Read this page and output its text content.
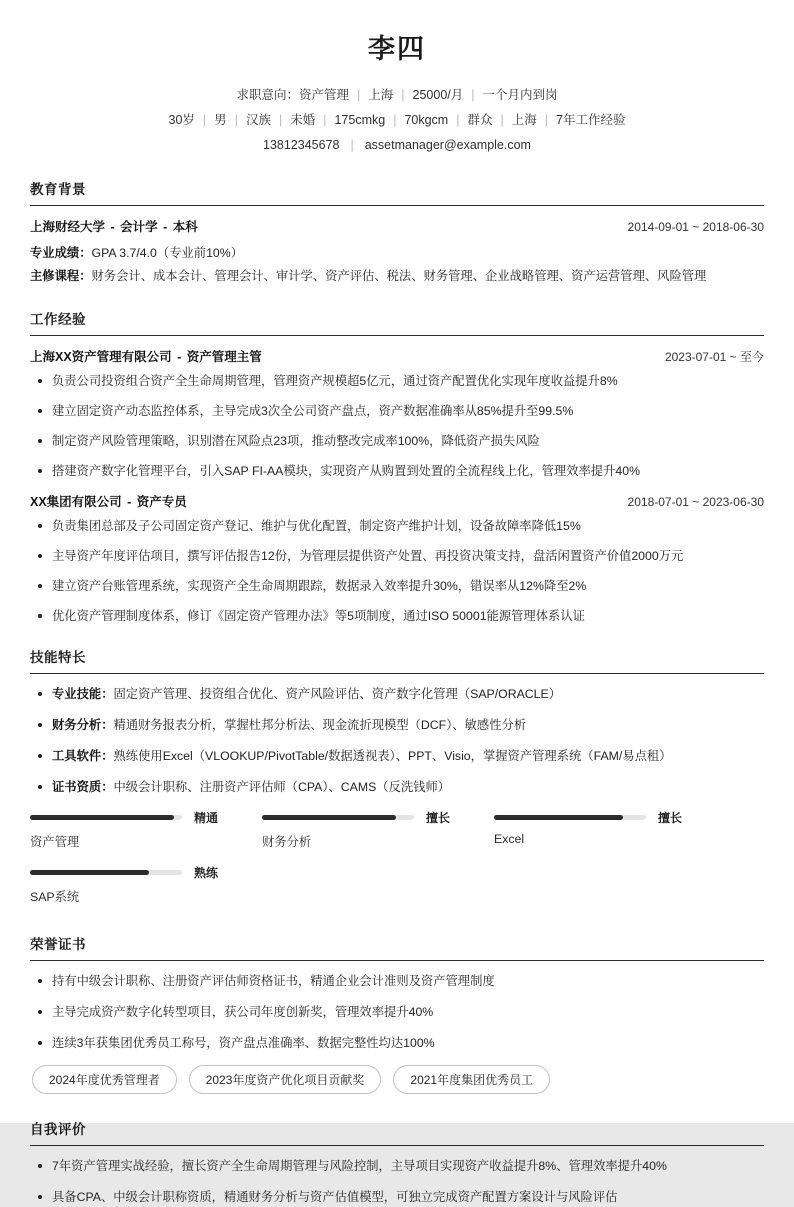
李四
求职意向：资产管理 | 上海 | 25000/月 | 一个月内到岗
30岁 | 男 | 汉族 | 未婚 | 175cmkg | 70kgcm | 群众 | 上海 | 7年工作经验
13812345678 | assetmanager@example.com
教育背景
上海财经大学 - 会计学 - 本科	2014-09-01 ~ 2018-06-30
专业成绩：GPA 3.7/4.0（专业前10%）
主修课程：财务会计、成本会计、管理会计、审计学、资产评估、税法、财务管理、企业战略管理、资产运营管理、风险管理
工作经验
上海XX资产管理有限公司 - 资产管理主管	2023-07-01 ~ 至今
负责公司投资组合资产全生命周期管理，管理资产规模超5亿元，通过资产配置优化实现年度收益提升8%
建立固定资产动态监控体系，主导完成3次全公司资产盘点，资产数据准确率从85%提升至99.5%
制定资产风险管理策略，识别潜在风险点23项，推动整改完成率100%，降低资产损失风险
搭建资产数字化管理平台，引入SAP FI-AA模块，实现资产从购置到处置的全流程线上化，管理效率提升40%
XX集团有限公司 - 资产专员	2018-07-01 ~ 2023-06-30
负责集团总部及子公司固定资产登记、维护与优化配置，制定资产维护计划，设备故障率降低15%
主导资产年度评估项目，撰写评估报告12份，为管理层提供资产处置、再投资决策支持，盘活闲置资产价值2000万元
建立资产台账管理系统，实现资产全生命周期跟踪，数据录入效率提升30%，错误率从12%降至2%
优化资产管理制度体系，修订《固定资产管理办法》等5项制度，通过ISO 50001能源管理体系认证
技能特长
专业技能：固定资产管理、投资组合优化、资产风险评估、资产数字化管理（SAP/ORACLE）
财务分析：精通财务报表分析，掌握杜邦分析法、现金流折现模型（DCF）、敏感性分析
工具软件：熟练使用Excel（VLOOKUP/PivotTable/数据透视表）、PPT、Visio，掌握资产管理系统（FAM/易点租）
证书资质：中级会计职称、注册资产评估师（CPA）、CAMS（反洗钱师）
精通
资产管理
擅长
财务分析
擅长
Excel
熟练
SAP系统
荣誉证书
持有中级会计职称、注册资产评估师资格证书，精通企业会计准则及资产管理制度
主导完成资产数字化转型项目，获公司年度创新奖，管理效率提升40%
连续3年获集团优秀员工称号，资产盘点准确率、数据完整性均达100%
2024年度优秀管理者	2023年度资产优化项目贡献奖	2021年度集团优秀员工
自我评价
7年资产管理实战经验，擅长资产全生命周期管理与风险控制，主导项目实现资产收益提升8%、管理效率提升40%
具备CPA、中级会计职称资质，精通财务分析与资产估值模型，可独立完成资产配置方案设计与风险评估
